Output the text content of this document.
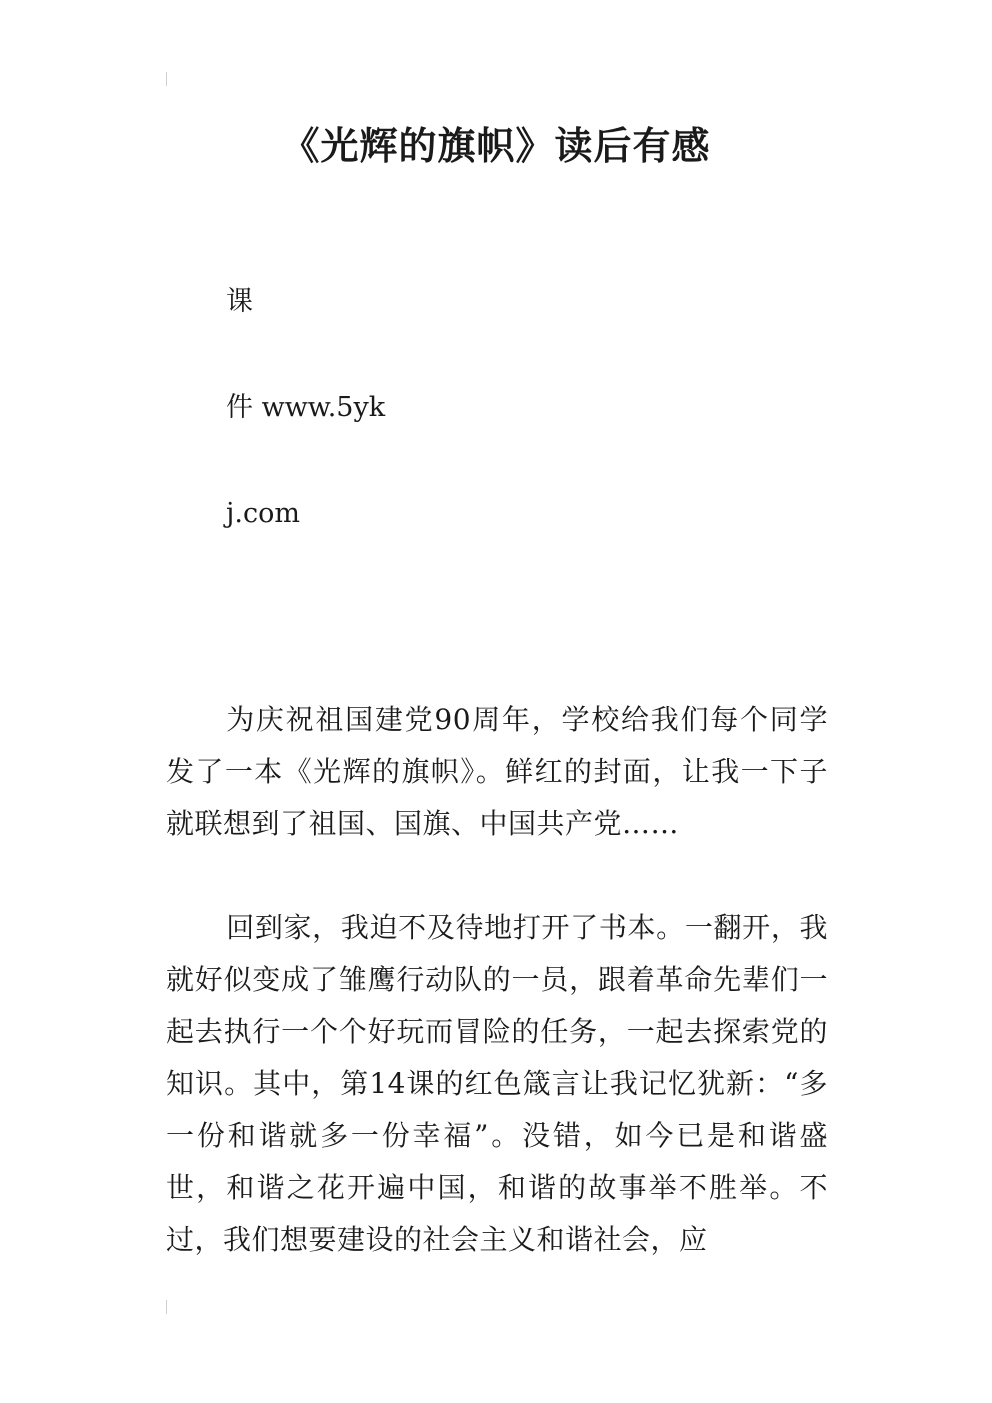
《光辉的旗帜》读后有感

课

件 www.5yk

j.com

为庆祝祖国建党90周年，学校给我们每个同学发了一本《光辉的旗帜》。鲜红的封面，让我一下子就联想到了祖国、国旗、中国共产党……

回到家，我迫不及待地打开了书本。一翻开，我就好似变成了雏鹰行动队的一员，跟着革命先辈们一起去执行一个个好玩而冒险的任务，一起去探索党的知识。其中，第14课的红色箴言让我记忆犹新：“多一份和谐就多一份幸福”。没错，如今已是和谐盛世，和谐之花开遍中国，和谐的故事举不胜举。不过，我们想要建设的社会主义和谐社会，应
